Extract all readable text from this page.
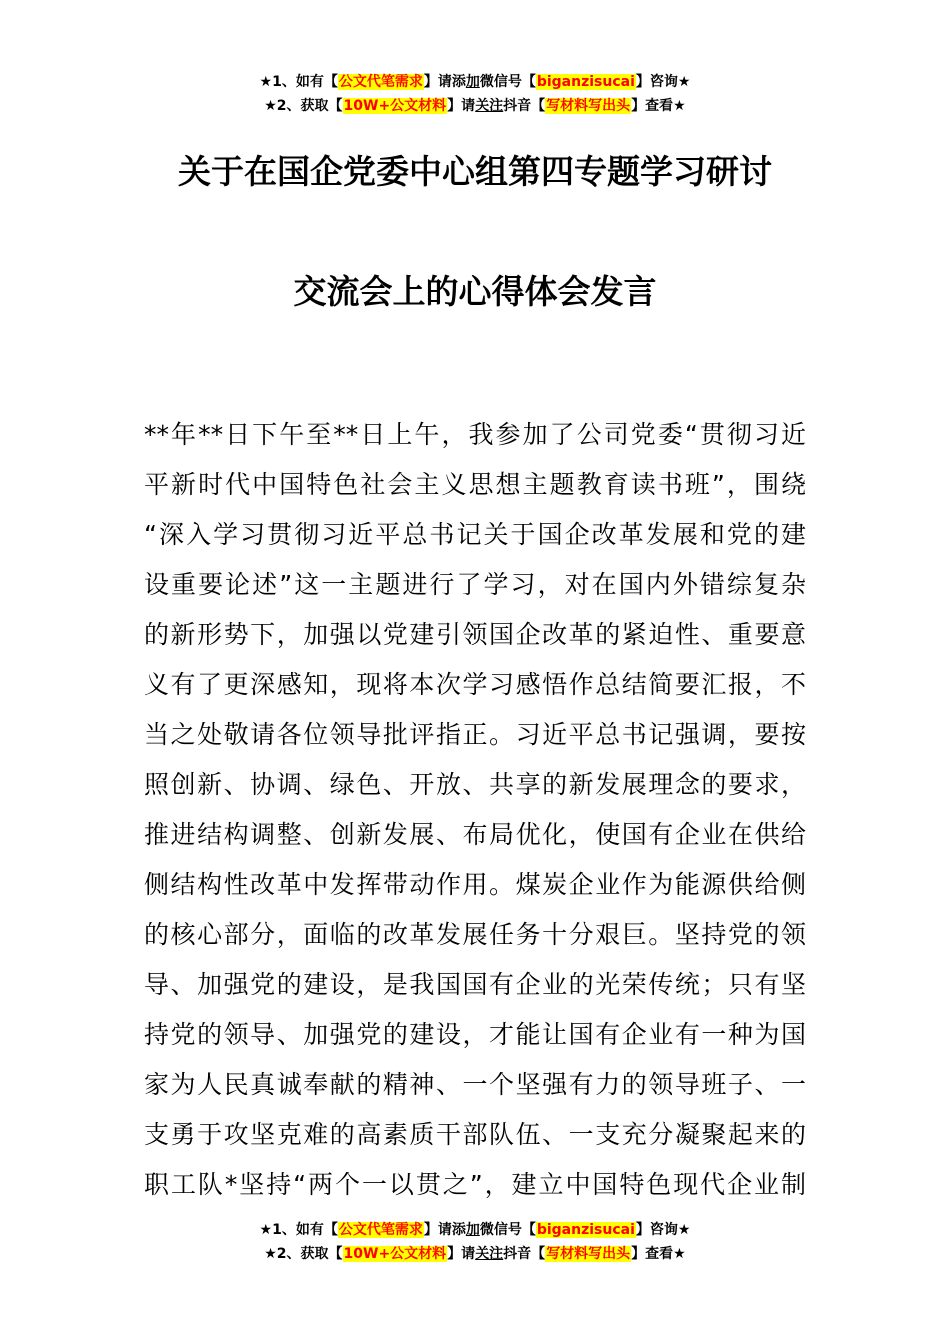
★1、如有【公文代笔需求】请添加微信号【biganzisucai】咨询★
★2、获取【10W+公文材料】请关注抖音【写材料写出头】查看★
关于在国企党委中心组第四专题学习研讨
交流会上的心得体会发言
**年**日下午至**日上午，我参加了公司党委“贯彻习近
平新时代中国特色社会主义思想主题教育读书班”，围绕
“深入学习贯彻习近平总书记关于国企改革发展和党的建
设重要论述”这一主题进行了学习，对在国内外错综复杂
的新形势下，加强以党建引领国企改革的紧迫性、重要意
义有了更深感知，现将本次学习感悟作总结简要汇报，不
当之处敬请各位领导批评指正。习近平总书记强调，要按
照创新、协调、绿色、开放、共享的新发展理念的要求，
推进结构调整、创新发展、布局优化，使国有企业在供给
侧结构性改革中发挥带动作用。煤炭企业作为能源供给侧
的核心部分，面临的改革发展任务十分艰巨。坚持党的领
导、加强党的建设，是我国国有企业的光荣传统；只有坚
持党的领导、加强党的建设，才能让国有企业有一种为国
家为人民真诚奉献的精神、一个坚强有力的领导班子、一
支勇于攻坚克难的高素质干部队伍、一支充分凝聚起来的
职工队*坚持“两个一以贯之”，建立中国特色现代企业制
★1、如有【公文代笔需求】请添加微信号【biganzisucai】咨询★
★2、获取【10W+公文材料】请关注抖音【写材料写出头】查看★
